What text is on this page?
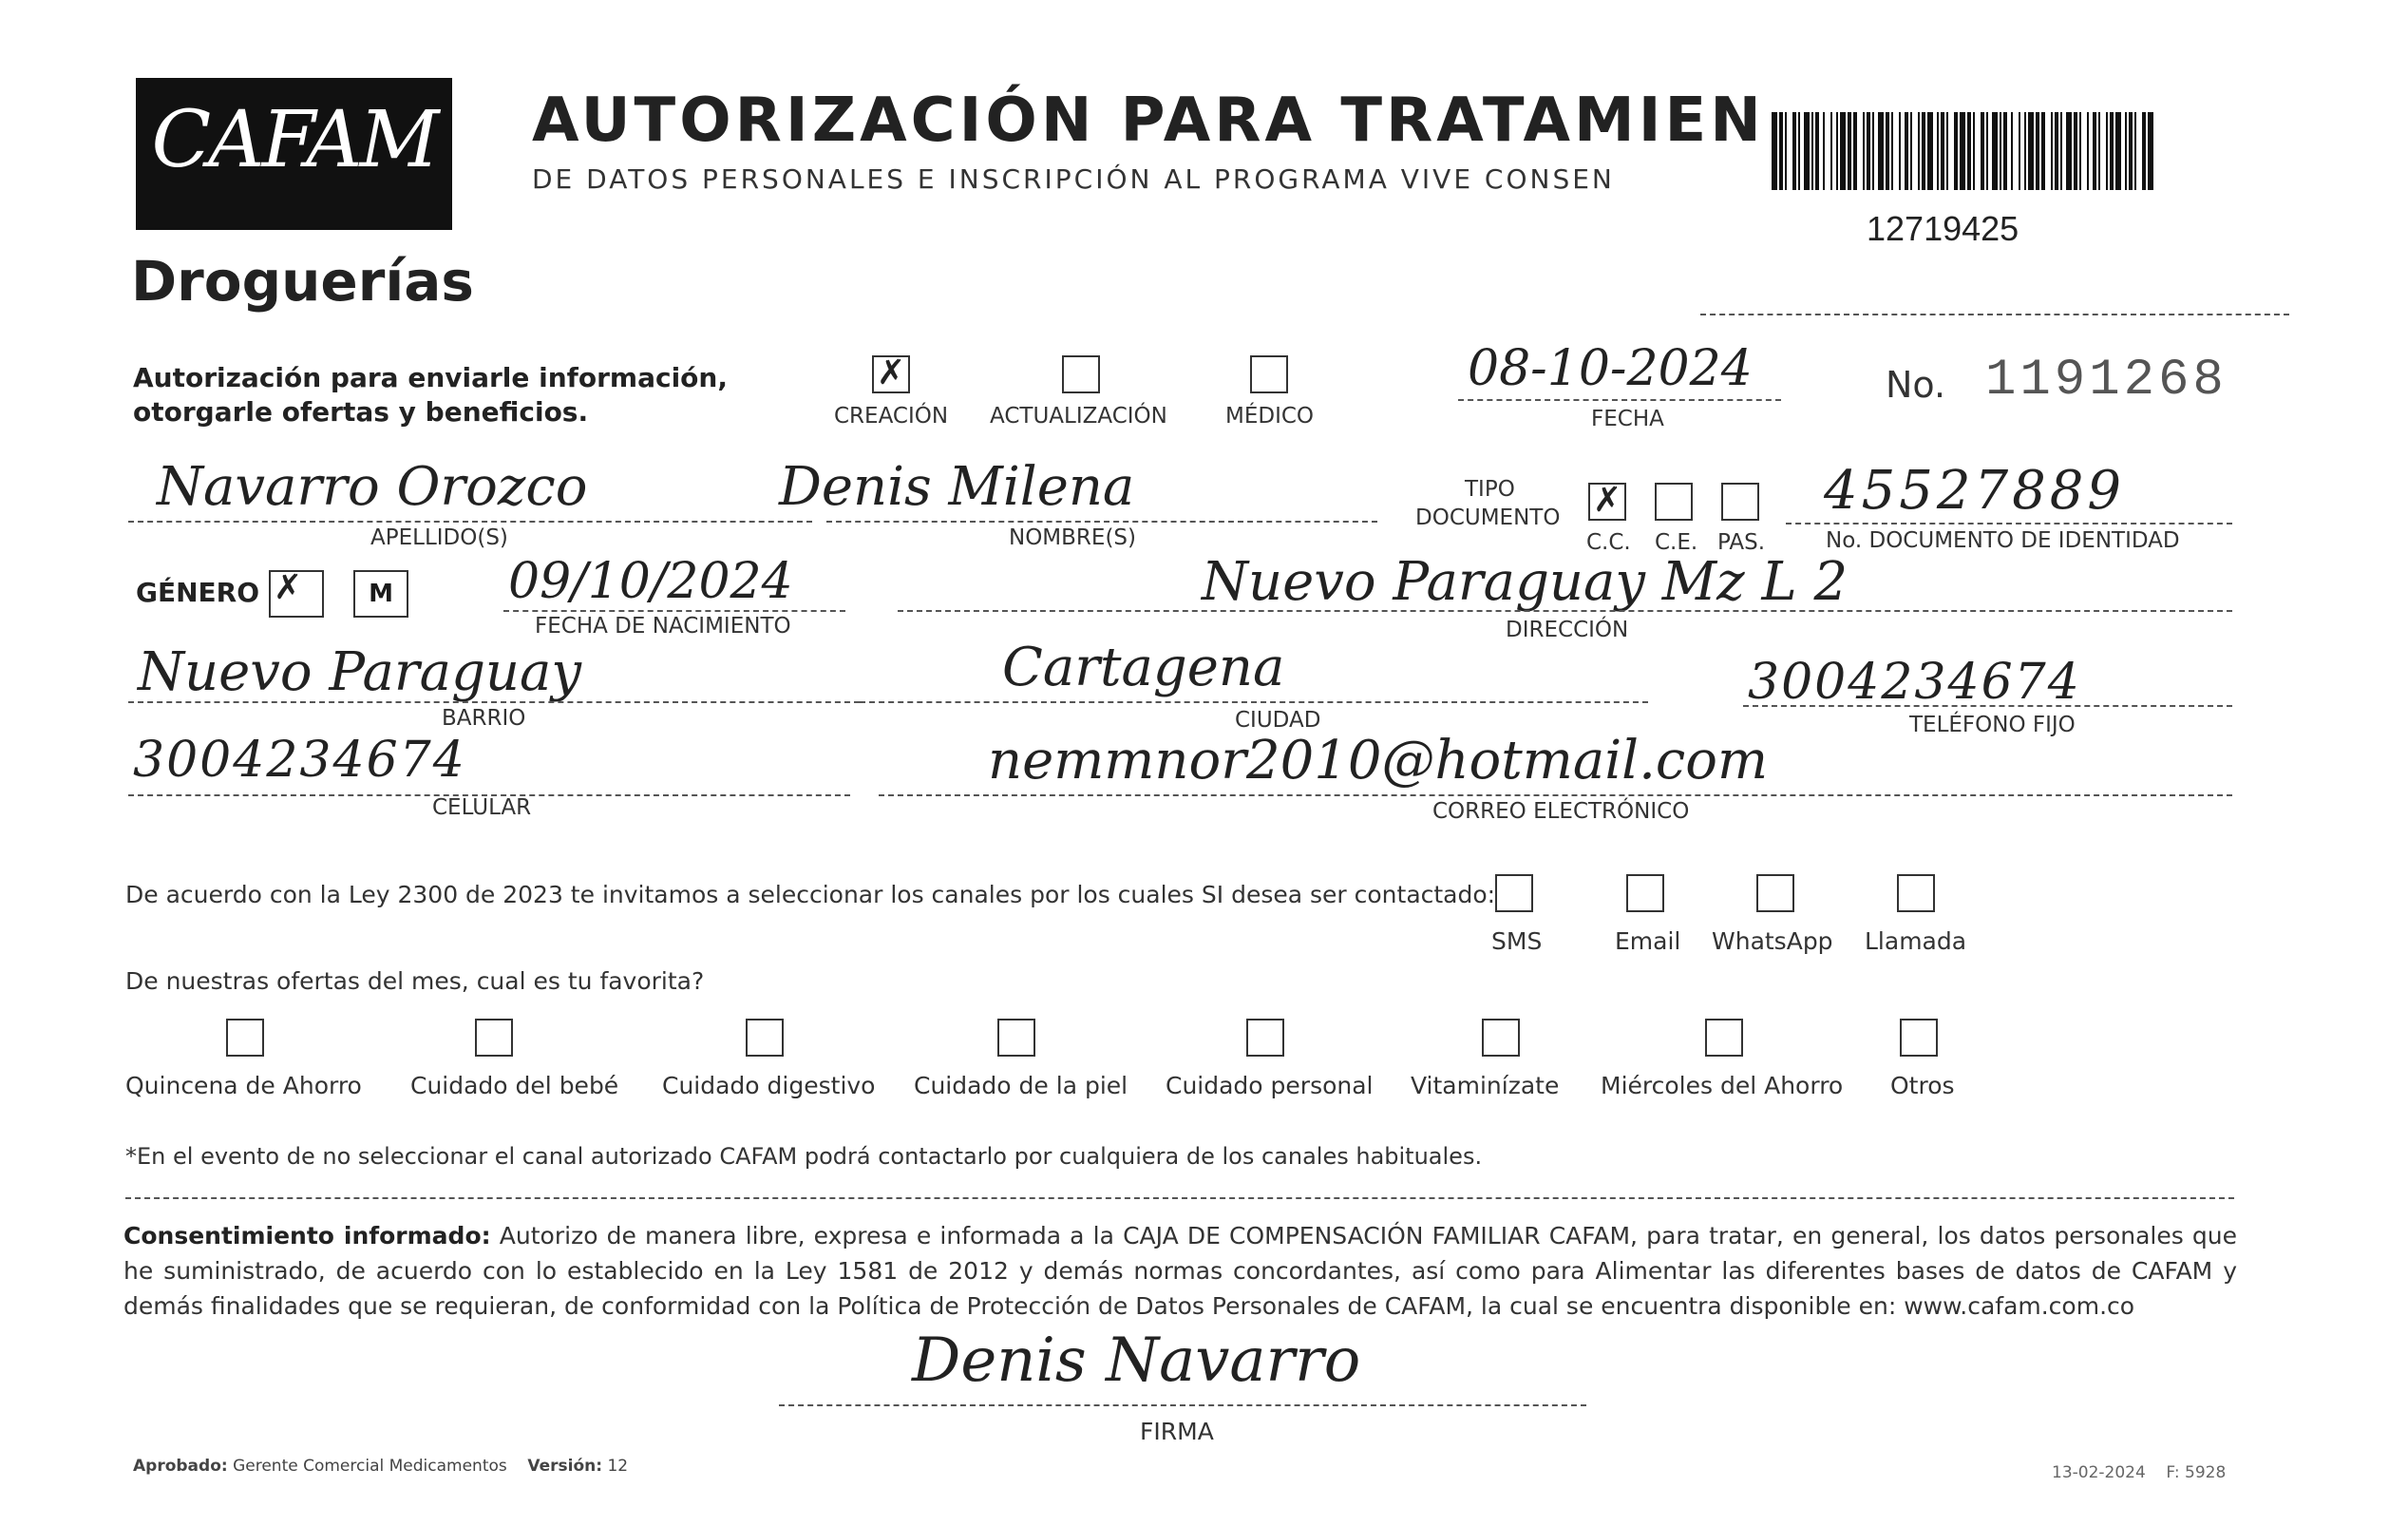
CAFAM
Droguerías
AUTORIZACIÓN PARA TRATAMIEN
DE DATOS PERSONALES E INSCRIPCIÓN AL PROGRAMA VIVE CONSEN
12719425
Autorización para enviarle información,
otorgarle ofertas y beneficios.
✗	CREACIÓN ACTUALIZACIÓN	MÉDICO
08-10-2024
FECHA
No. 1191268
Navarro Orozco
APELLIDO(S)
Denis Milena
NOMBRE(S)
TIPO
DOCUMENTO
✗
C.C. C.E. PAS.
45527889
No. DOCUMENTO DE IDENTIDAD
GÉNERO
✗	M	09/10/2024
FECHA DE NACIMIENTO
Nuevo Paraguay Mz L 2
DIRECCIÓN
Nuevo Paraguay
BARRIO
Cartagena
CIUDAD
3004234674
TELÉFONO FIJO
3004234674
CELULAR
nemmnor2010@hotmail.com
CORREO ELECTRÓNICO
De acuerdo con la Ley 2300 de 2023 te invitamos a seleccionar los canales por los cuales SI desea ser contactado:
SMS	Email WhatsApp Llamada
De nuestras ofertas del mes, cual es tu favorita?
Quincena de Ahorro Cuidado del bebé Cuidado digestivo Cuidado de la piel Cuidado personal Vitaminízate Miércoles del Ahorro Otros
*En el evento de no seleccionar el canal autorizado CAFAM podrá contactarlo por cualquiera de los canales habituales.
Consentimiento informado: Autorizo de manera libre, expresa e informada a la CAJA DE COMPENSACIÓN FAMILIAR CAFAM, para tratar, en general, los datos personales que he suministrado, de acuerdo con lo establecido en la Ley 1581 de 2012 y demás normas concordantes, así como para Alimentar las diferentes bases de datos de CAFAM y demás finalidades que se requieran, de conformidad con la Política de Protección de Datos Personales de CAFAM, la cual se encuentra disponible en: www.cafam.com.co
Denis Navarro
FIRMA
Aprobado: Gerente Comercial Medicamentos Versión: 12	13-02-2024 F: 5928
